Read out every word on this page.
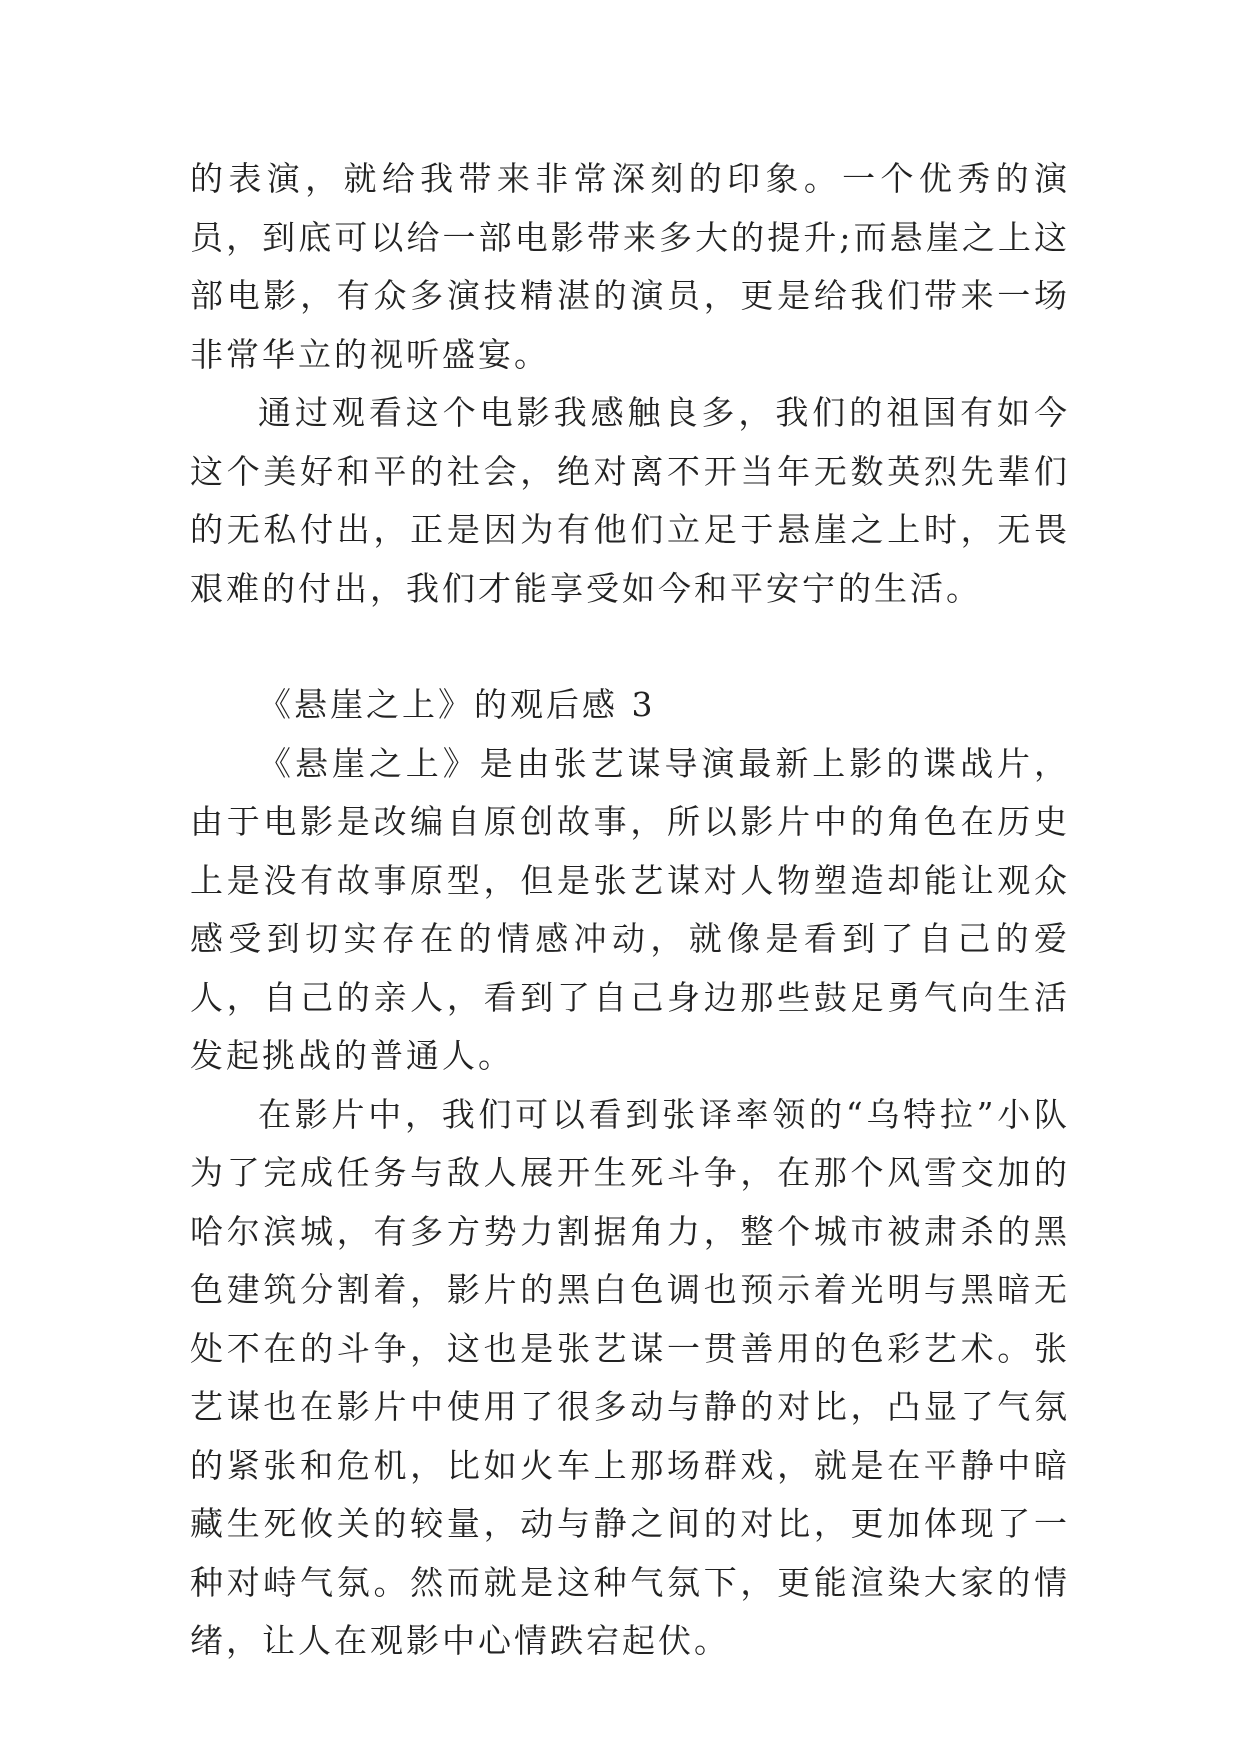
的表演，就给我带来非常深刻的印象。一个优秀的演员，到底可以给一部电影带来多大的提升;而悬崖之上这部电影，有众多演技精湛的演员，更是给我们带来一场非常华立的视听盛宴。

通过观看这个电影我感触良多，我们的祖国有如今这个美好和平的社会，绝对离不开当年无数英烈先辈们的无私付出，正是因为有他们立足于悬崖之上时，无畏艰难的付出，我们才能享受如今和平安宁的生活。

《悬崖之上》的观后感 3

《悬崖之上》是由张艺谋导演最新上影的谍战片，由于电影是改编自原创故事，所以影片中的角色在历史上是没有故事原型，但是张艺谋对人物塑造却能让观众感受到切实存在的情感冲动，就像是看到了自己的爱人，自己的亲人，看到了自己身边那些鼓足勇气向生活发起挑战的普通人。

在影片中，我们可以看到张译率领的“乌特拉”小队为了完成任务与敌人展开生死斗争，在那个风雪交加的哈尔滨城，有多方势力割据角力，整个城市被肃杀的黑色建筑分割着，影片的黑白色调也预示着光明与黑暗无处不在的斗争，这也是张艺谋一贯善用的色彩艺术。张艺谋也在影片中使用了很多动与静的对比，凸显了气氛的紧张和危机，比如火车上那场群戏，就是在平静中暗藏生死攸关的较量，动与静之间的对比，更加体现了一种对峙气氛。然而就是这种气氛下，更能渲染大家的情绪，让人在观影中心情跌宕起伏。
